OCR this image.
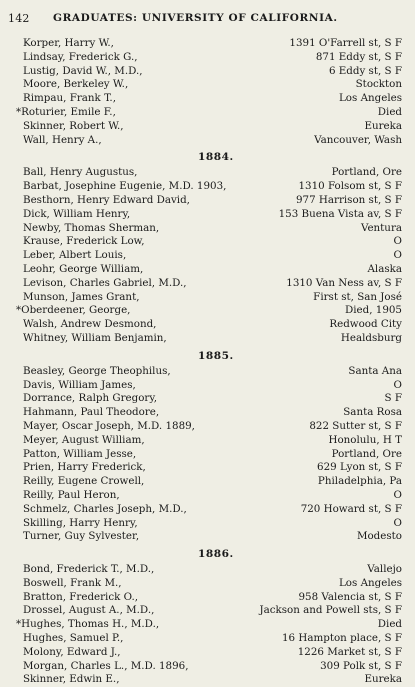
142 GRADUATES: UNIVERSITY OF CALIFORNIA.
Korper, Harry W.,	1391 O'Farrell st, S F
Lindsay, Frederick G.,	871 Eddy st, S F
Lustig, David W., M.D.,	6 Eddy st, S F
Moore, Berkeley W.,	Stockton
Rimpau, Frank T.,	Los Angeles
*Roturier, Emile F.,	Died
Skinner, Robert W.,	Eureka
Wall, Henry A.,	Vancouver, Wash
1884.
Ball, Henry Augustus,	Portland, Ore
Barbat, Josephine Eugenie, M.D. 1903,	1310 Folsom st, S F
Besthorn, Henry Edward David,	977 Harrison st, S F
Dick, William Henry,	153 Buena Vista av, S F
Newby, Thomas Sherman,	Ventura
Krause, Frederick Low,	O
Leber, Albert Louis,	O
Leohr, George William,	Alaska
Levison, Charles Gabriel, M.D.,	1310 Van Ness av, S F
Munson, James Grant,	First st, San José
*Oberdeener, George,	Died, 1905
Walsh, Andrew Desmond,	Redwood City
Whitney, William Benjamin,	Healdsburg
1885.
Beasley, George Theophilus,	Santa Ana
Davis, William James,	O
Dorrance, Ralph Gregory,	S F
Hahmann, Paul Theodore,	Santa Rosa
Mayer, Oscar Joseph, M.D. 1889,	822 Sutter st, S F
Meyer, August William,	Honolulu, H T
Patton, William Jesse,	Portland, Ore
Prien, Harry Frederick,	629 Lyon st, S F
Reilly, Eugene Crowell,	Philadelphia, Pa
Reilly, Paul Heron,	O
Schmelz, Charles Joseph, M.D.,	720 Howard st, S F
Skilling, Harry Henry,	O
Turner, Guy Sylvester,	Modesto
1886.
Bond, Frederick T., M.D.,	Vallejo
Boswell, Frank M.,	Los Angeles
Bratton, Frederick O.,	958 Valencia st, S F
Drossel, August A., M.D.,	Jackson and Powell sts, S F
*Hughes, Thomas H., M.D.,	Died
Hughes, Samuel P.,	16 Hampton place, S F
Molony, Edward J.,	1226 Market st, S F
Morgan, Charles L., M.D. 1896,	309 Polk st, S F
Skinner, Edwin E.,	Eureka
